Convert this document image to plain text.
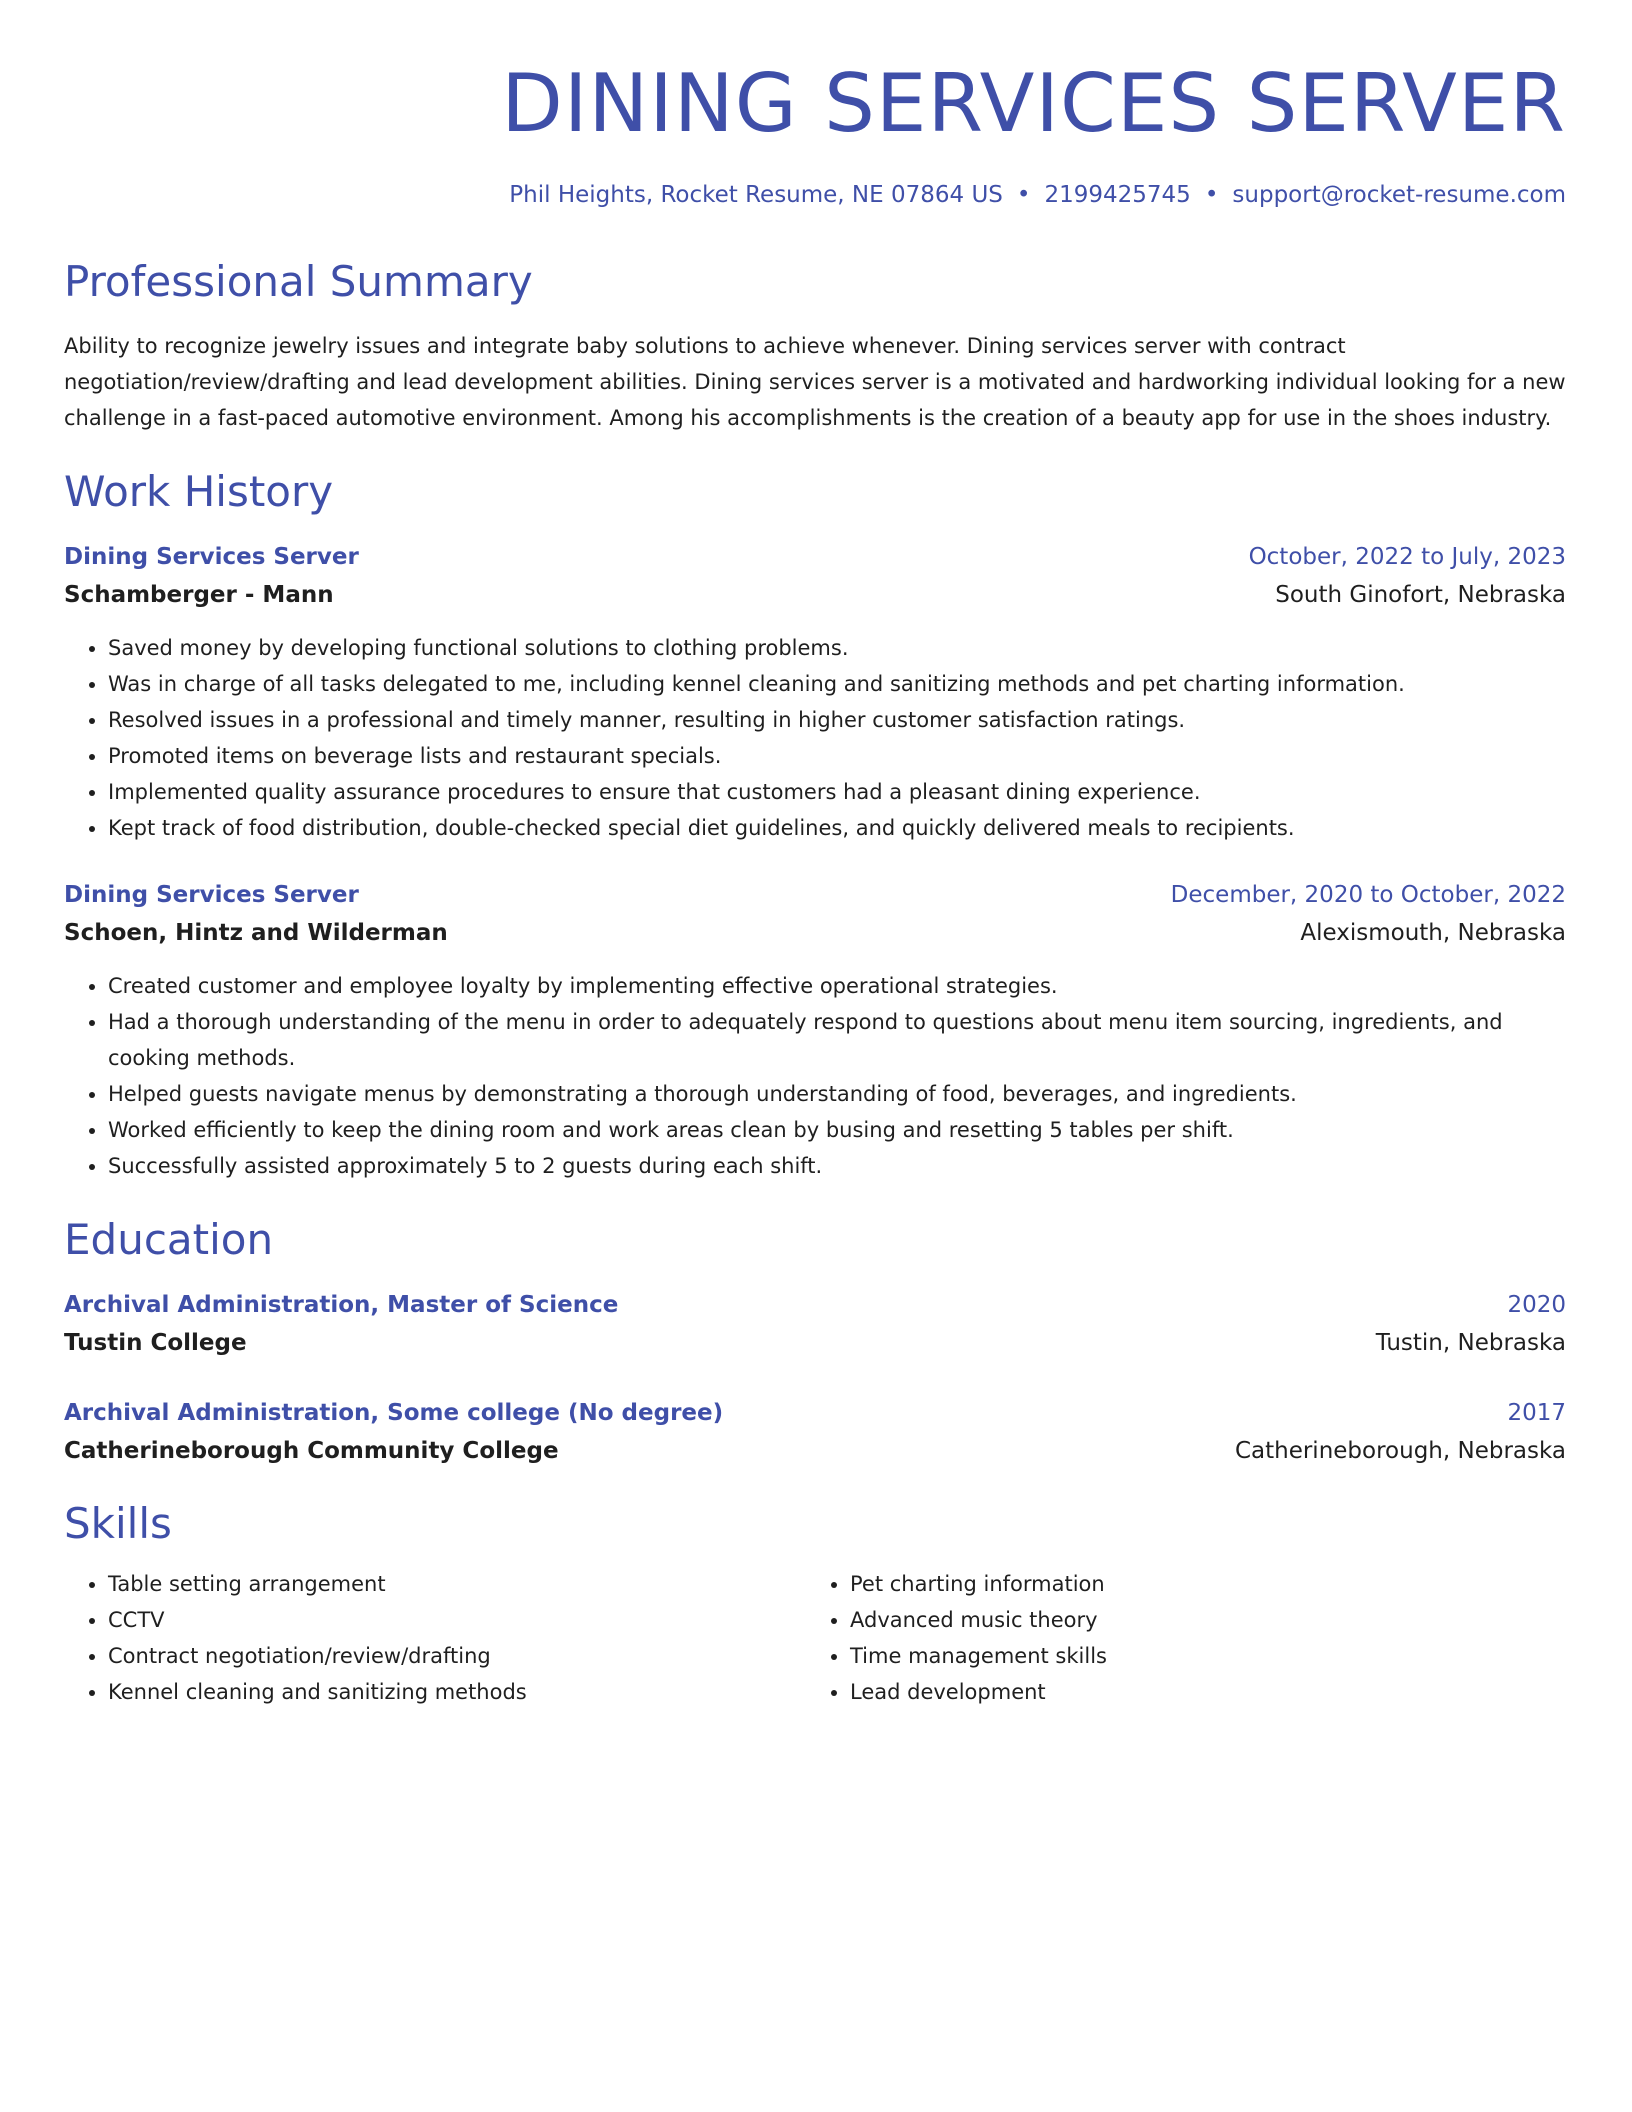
DINING SERVICES SERVER
Phil Heights, Rocket Resume, NE 07864 US • 2199425745 • support@rocket-resume.com
Professional Summary
Ability to recognize jewelry issues and integrate baby solutions to achieve whenever. Dining services server with contract negotiation/review/drafting and lead development abilities. Dining services server is a motivated and hardworking individual looking for a new challenge in a fast-paced automotive environment. Among his accomplishments is the creation of a beauty app for use in the shoes industry.
Work History
Dining Services Server	October, 2022 to July, 2023
Schamberger - Mann	South Ginofort, Nebraska
• Saved money by developing functional solutions to clothing problems.
• Was in charge of all tasks delegated to me, including kennel cleaning and sanitizing methods and pet charting information.
• Resolved issues in a professional and timely manner, resulting in higher customer satisfaction ratings.
• Promoted items on beverage lists and restaurant specials.
• Implemented quality assurance procedures to ensure that customers had a pleasant dining experience.
• Kept track of food distribution, double-checked special diet guidelines, and quickly delivered meals to recipients.
Dining Services Server	December, 2020 to October, 2022
Schoen, Hintz and Wilderman	Alexismouth, Nebraska
• Created customer and employee loyalty by implementing effective operational strategies.
• Had a thorough understanding of the menu in order to adequately respond to questions about menu item sourcing, ingredients, and cooking methods.
• Helped guests navigate menus by demonstrating a thorough understanding of food, beverages, and ingredients.
• Worked efficiently to keep the dining room and work areas clean by busing and resetting 5 tables per shift.
• Successfully assisted approximately 5 to 2 guests during each shift.
Education
Archival Administration, Master of Science	2020
Tustin College	Tustin, Nebraska
Archival Administration, Some college (No degree)	2017
Catherineborough Community College	Catherineborough, Nebraska
Skills
• Table setting arrangement
• CCTV
• Contract negotiation/review/drafting
• Kennel cleaning and sanitizing methods
• Pet charting information
• Advanced music theory
• Time management skills
• Lead development
